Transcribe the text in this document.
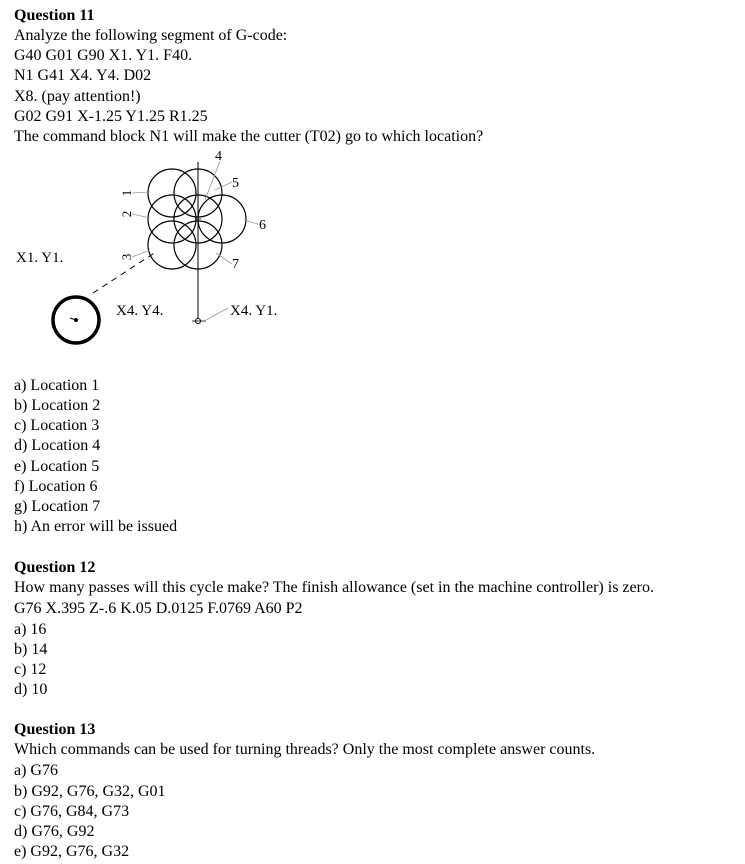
Question 11
Analyze the following segment of G-code:
G40 G01 G90 X1. Y1. F40.
N1 G41 X4. Y4. D02
X8. (pay attention!)
G02 G91 X-1.25 Y1.25 R1.25
The command block N1 will make the cutter (T02) go to which location?
1
2
3
4
5
6
7
X1. Y1.
X4. Y4.	X4. Y1.
a) Location 1
b) Location 2
c) Location 3
d) Location 4
e) Location 5
f) Location 6
g) Location 7
h) An error will be issued
Question 12
How many passes will this cycle make? The finish allowance (set in the machine controller) is zero.
G76 X.395 Z-.6 K.05 D.0125 F.0769 A60 P2
a) 16
b) 14
c) 12
d) 10
Question 13
Which commands can be used for turning threads? Only the most complete answer counts.
a) G76
b) G92, G76, G32, G01
c) G76, G84, G73
d) G76, G92
e) G92, G76, G32
